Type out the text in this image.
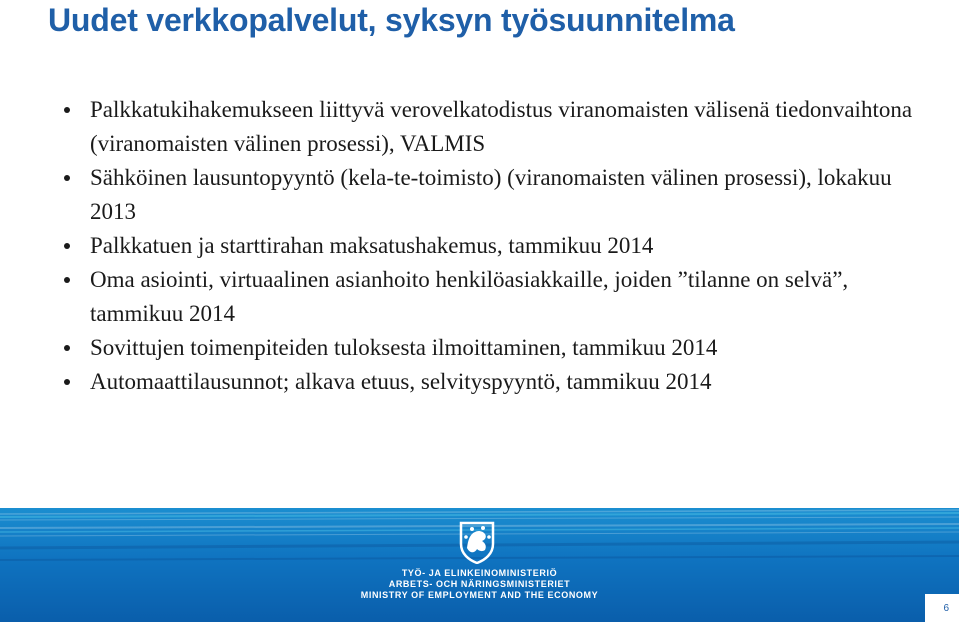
Uudet verkkopalvelut, syksyn työsuunnitelma
Palkkatukihakemukseen liittyvä verovelkatodistus viranomaisten välisenä tiedonvaihtona (viranomaisten välinen prosessi), VALMIS
Sähköinen lausuntopyyntö (kela-te-toimisto) (viranomaisten välinen prosessi), lokakuu 2013
Palkkatuen ja starttirahan maksatushakemus, tammikuu 2014
Oma asiointi, virtuaalinen asianhoito henkilöasiakkaille, joiden ”tilanne on selvä”, tammikuu 2014
Sovittujen toimenpiteiden tuloksesta ilmoittaminen, tammikuu 2014
Automaattilausunnot; alkava etuus, selvityspyyntö, tammikuu 2014
TYÖ- JA ELINKEINOMINISTERIÖ
ARBETS- OCH NÄRINGSMINISTERIET
MINISTRY OF EMPLOYMENT AND THE ECONOMY
6
